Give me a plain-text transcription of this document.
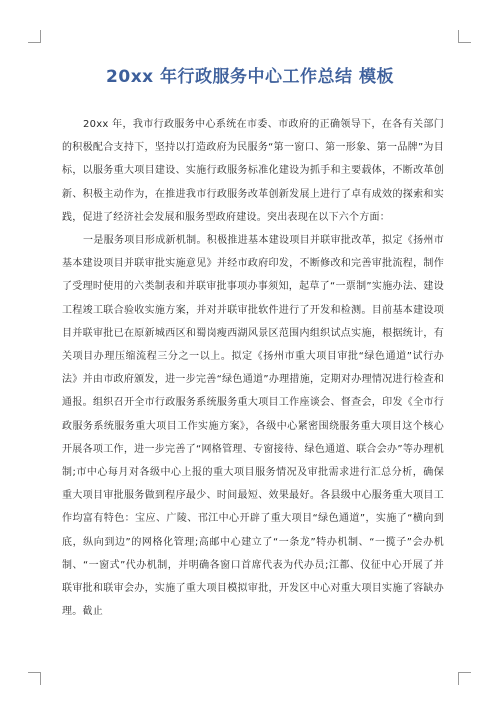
20xx 年行政服务中心工作总结 模板

20xx 年，我市行政服务中心系统在市委、市政府的正确领导下，在各有关部门的积极配合支持下，坚持以打造政府为民服务“第一窗口、第一形象、第一品牌”为目标，以服务重大项目建设、实施行政服务标准化建设为抓手和主要载体，不断改革创新、积极主动作为，在推进我市行政服务改革创新发展上进行了卓有成效的探索和实践，促进了经济社会发展和服务型政府建设。突出表现在以下六个方面：

一是服务项目形成新机制。积极推进基本建设项目并联审批改革，拟定《扬州市基本建设项目并联审批实施意见》并经市政府印发，不断修改和完善审批流程，制作了受理时使用的六类制表和并联审批事项办事须知，起草了“一票制”实施办法、建设工程竣工联合验收实施方案，并对并联审批软件进行了开发和检测。目前基本建设项目并联审批已在原新城西区和蜀岗瘦西湖风景区范围内组织试点实施，根据统计，有关项目办理压缩流程三分之一以上。拟定《扬州市重大项目审批“绿色通道”试行办法》并由市政府颁发，进一步完善“绿色通道”办理措施，定期对办理情况进行检查和通报。组织召开全市行政服务系统服务重大项目工作座谈会、督查会，印发《全市行政服务系统服务重大项目工作实施方案》，各级中心紧密围绕服务重大项目这个核心开展各项工作，进一步完善了“网格管理、专窗接待、绿色通道、联合会办”等办理机制;市中心每月对各级中心上报的重大项目服务情况及审批需求进行汇总分析，确保重大项目审批服务做到程序最少、时间最短、效果最好。各县级中心服务重大项目工作均富有特色：宝应、广陵、邗江中心开辟了重大项目“绿色通道”，实施了“横向到底，纵向到边”的网格化管理;高邮中心建立了“一条龙”特办机制、“一揽子”会办机制、“一窗式”代办机制，并明确各窗口首席代表为代办员;江都、仪征中心开展了并联审批和联审会办，实施了重大项目模拟审批，开发区中心对重大项目实施了容缺办理。截止
